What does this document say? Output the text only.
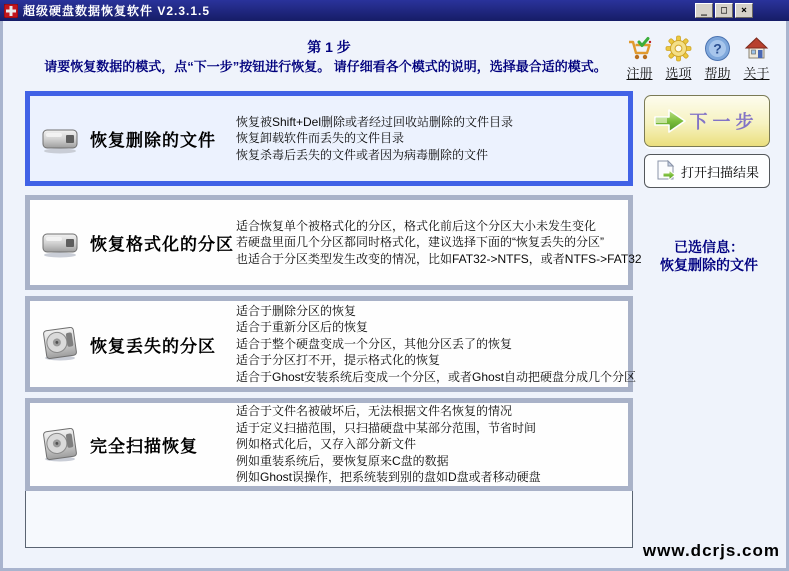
超级硬盘数据恢复软件 V2.3.1.5	_	□	×
第 1 步
请要恢复数据的模式，点“下一步”按钮进行恢复。 请仔细看各个模式的说明，选择最合适的模式。	注册 选项
?
帮助 关于
恢复删除的文件
恢复被Shift+Del删除或者经过回收站删除的文件目录
恢复卸载软件而丢失的文件目录
恢复杀毒后丢失的文件或者因为病毒删除的文件
恢复格式化的分区
适合恢复单个被格式化的分区，格式化前后这个分区大小未发生变化
若硬盘里面几个分区都同时格式化，建议选择下面的“恢复丢失的分区”
也适合于分区类型发生改变的情况，比如FAT32->NTFS，或者NTFS->FAT32
恢复丢失的分区
适合于删除分区的恢复
适合于重新分区后的恢复
适合于整个硬盘变成一个分区，其他分区丢了的恢复
适合于分区打不开，提示格式化的恢复
适合于Ghost安装系统后变成一个分区，或者Ghost自动把硬盘分成几个分区
完全扫描恢复
适合于文件名被破坏后，无法根据文件名恢复的情况
适于定义扫描范围，只扫描硬盘中某部分范围，节省时间
例如格式化后，又存入部分新文件
例如重装系统后，要恢复原来C盘的数据
例如Ghost误操作，把系统装到别的盘如D盘或者移动硬盘
下一步
打开扫描结果
已选信息：
恢复删除的文件
www.dcrjs.com
